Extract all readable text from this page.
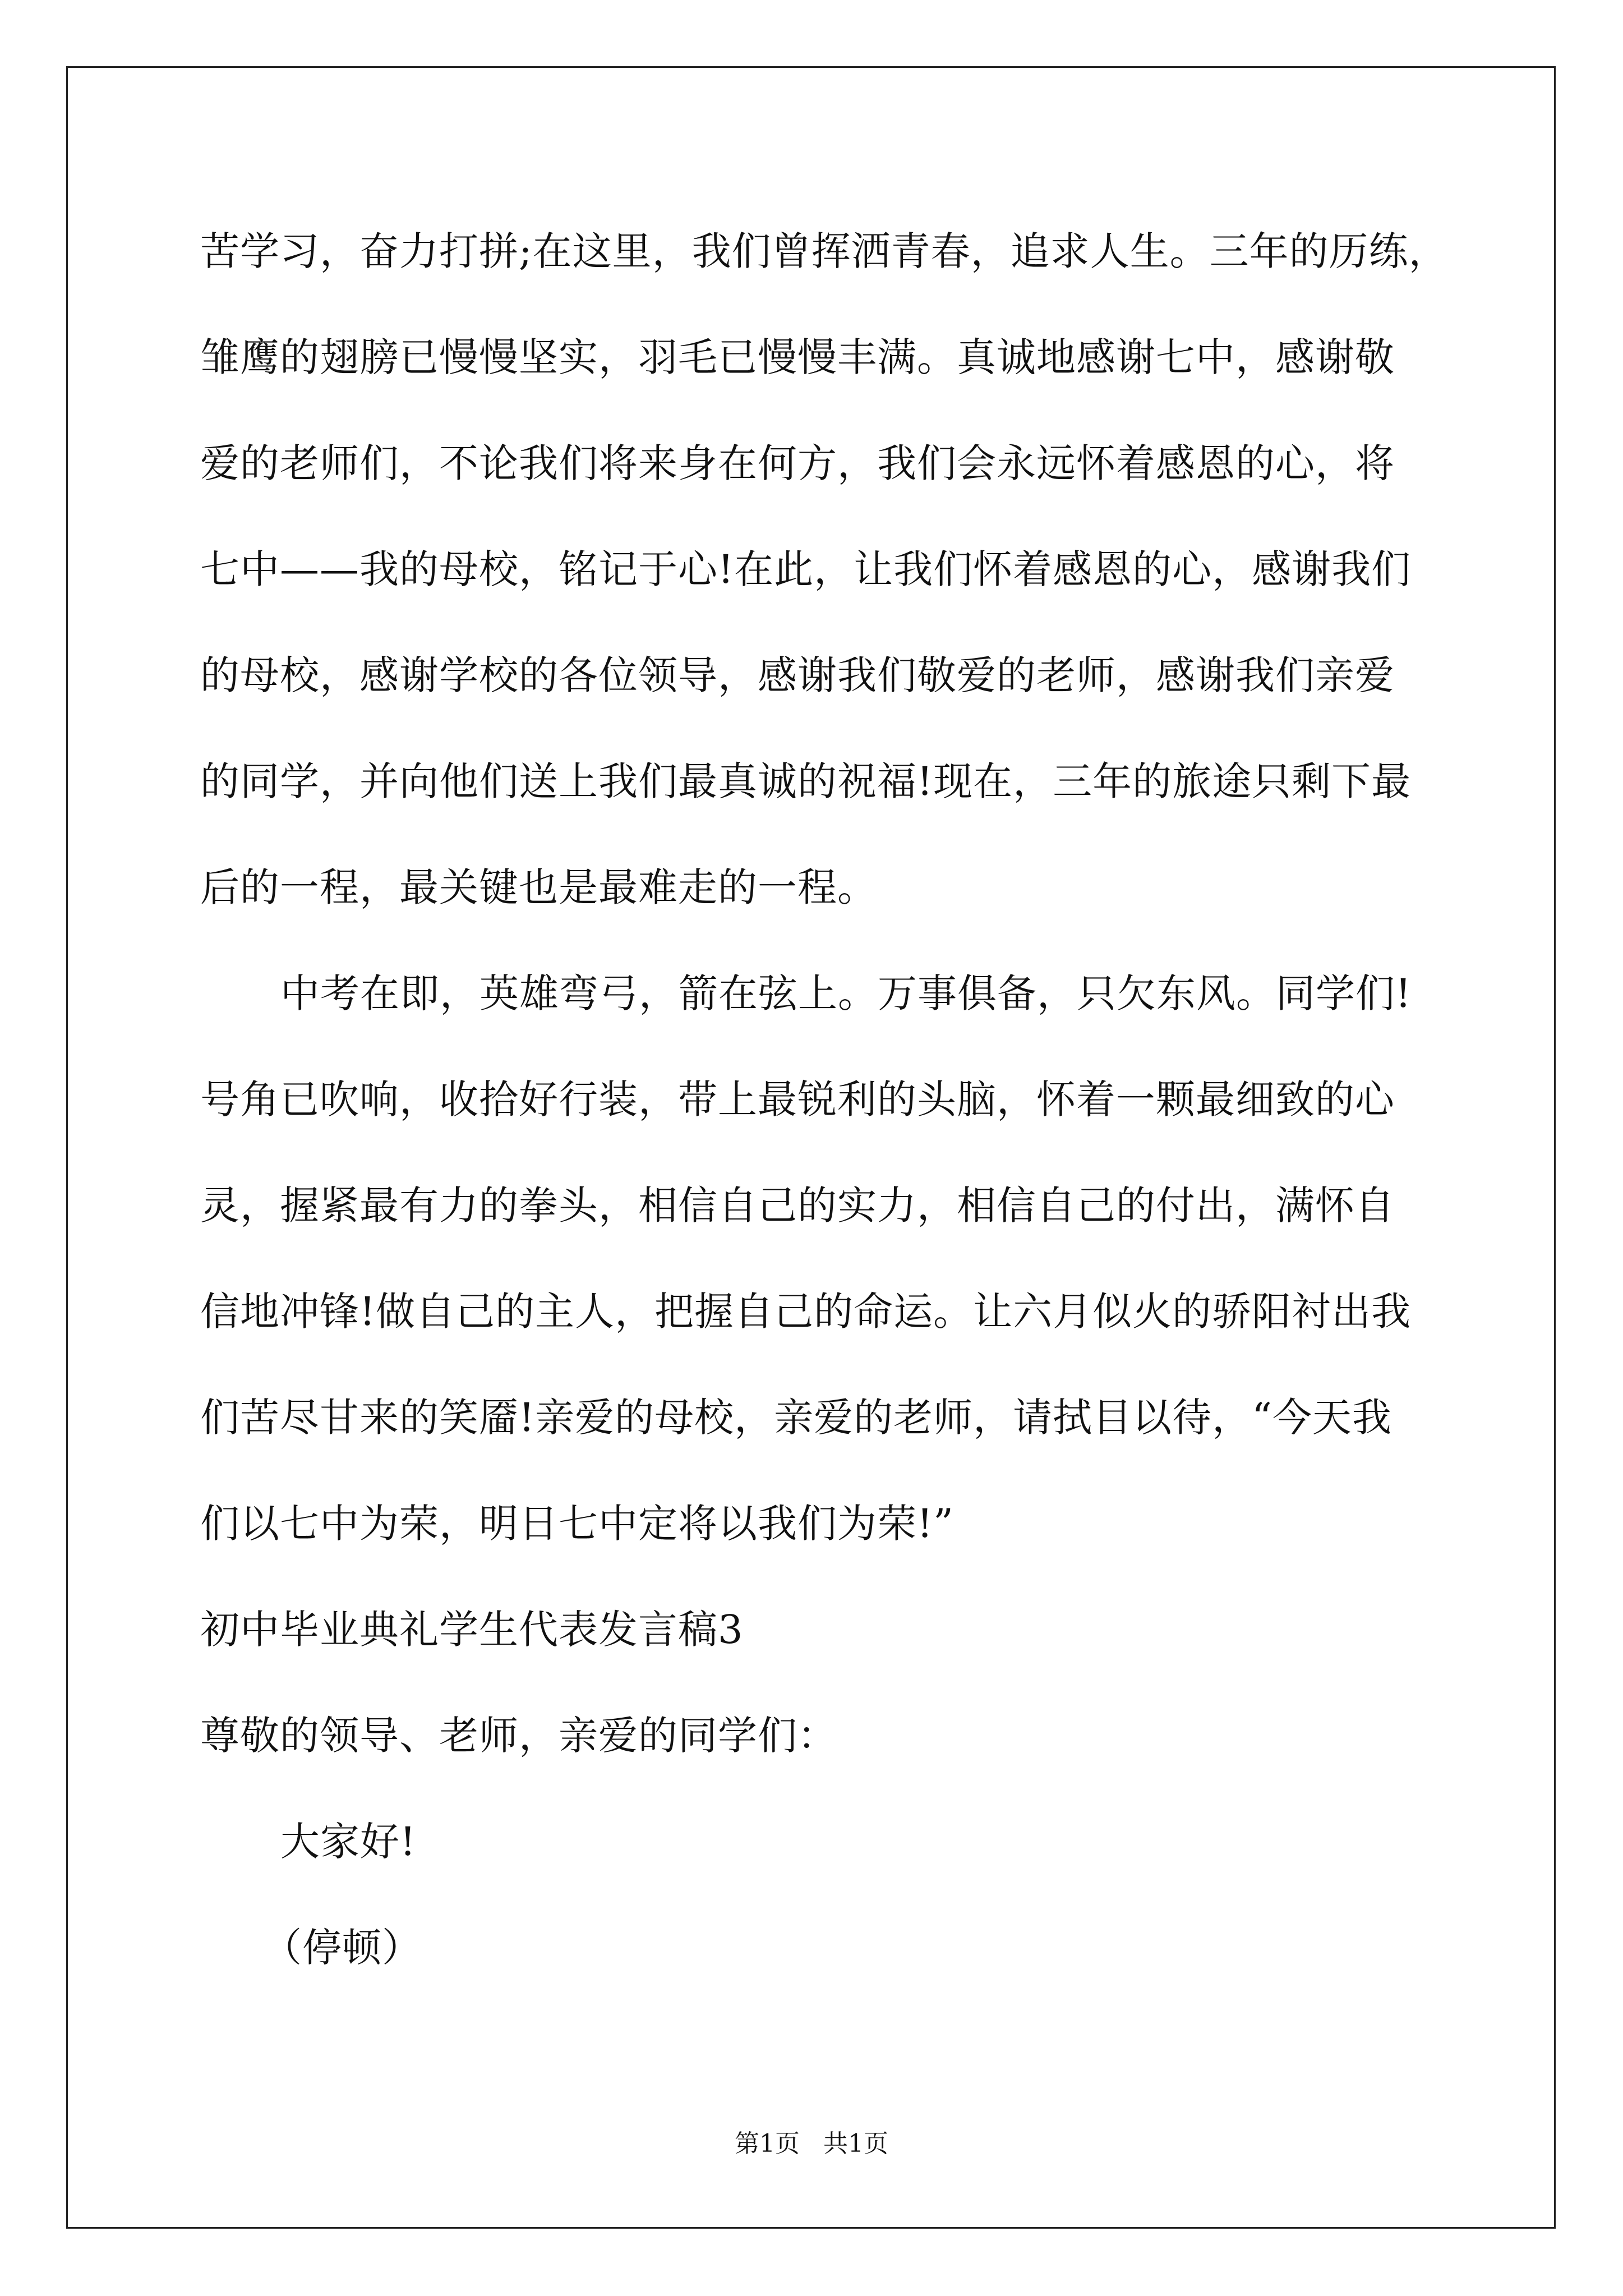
苦学习，奋力打拼;在这里，我们曾挥洒青春，追求人生。三年的历练，
雏鹰的翅膀已慢慢坚实，羽毛已慢慢丰满。真诚地感谢七中，感谢敬
爱的老师们，不论我们将来身在何方，我们会永远怀着感恩的心，将
七中——我的母校，铭记于心!在此，让我们怀着感恩的心，感谢我们
的母校，感谢学校的各位领导，感谢我们敬爱的老师，感谢我们亲爱
的同学，并向他们送上我们最真诚的祝福!现在，三年的旅途只剩下最
后的一程，最关键也是最难走的一程。
中考在即，英雄弯弓，箭在弦上。万事俱备，只欠东风。同学们!
号角已吹响，收拾好行装，带上最锐利的头脑，怀着一颗最细致的心
灵，握紧最有力的拳头，相信自己的实力，相信自己的付出，满怀自
信地冲锋!做自己的主人，把握自己的命运。让六月似火的骄阳衬出我
们苦尽甘来的笑靥!亲爱的母校，亲爱的老师，请拭目以待，“今天我
们以七中为荣，明日七中定将以我们为荣!”
初中毕业典礼学生代表发言稿3
尊敬的领导、老师，亲爱的同学们：
大家好!
（停顿）
第1页   共1页
